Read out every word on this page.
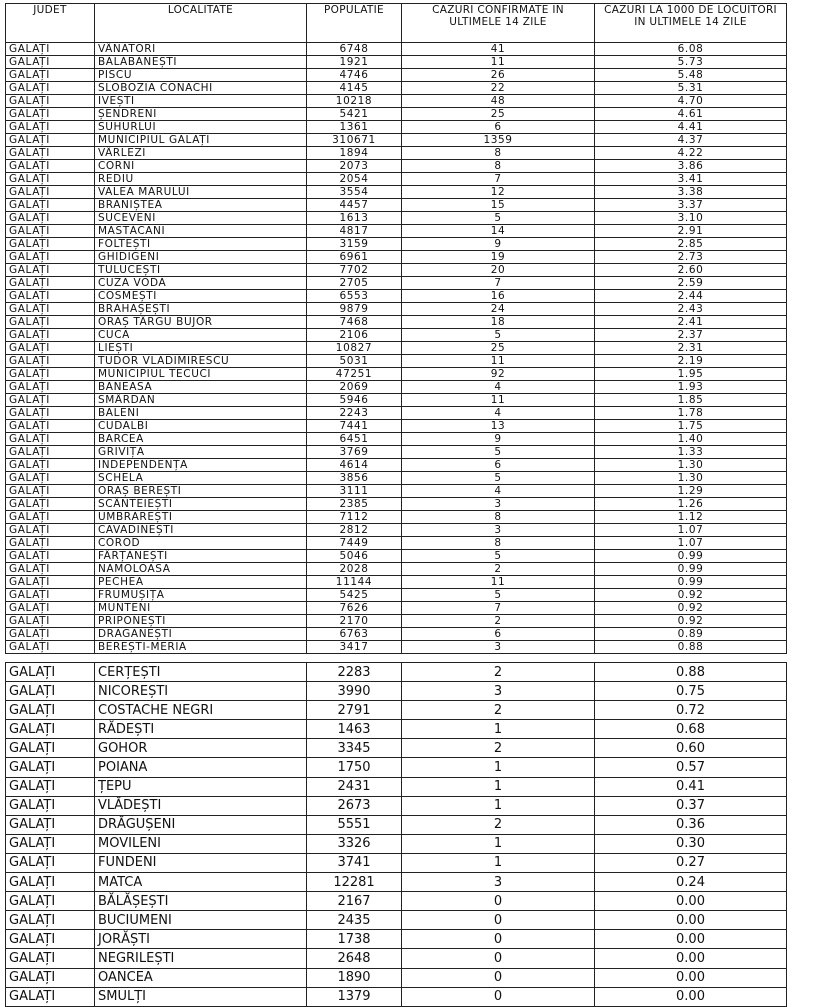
JUDET	LOCALITATE	POPULATIE	CAZURI CONFIRMATE IN ULTIMELE 14 ZILE	CAZURI LA 1000 DE LOCUITORI IN ULTIMELE 14 ZILE
GALAȚI	VÂNĂTORI	6748	41	6.08
GALAȚI	BĂLĂBĂNEȘTI	1921	11	5.73
GALAȚI	PISCU	4746	26	5.48
GALAȚI	SLOBOZIA CONACHI	4145	22	5.31
GALAȚI	IVEȘTI	10218	48	4.70
GALAȚI	ȘENDRENI	5421	25	4.61
GALAȚI	SUHURLUI	1361	6	4.41
GALAȚI	MUNICIPIUL GALAȚI	310671	1359	4.37
GALAȚI	VÂRLEZI	1894	8	4.22
GALAȚI	CORNI	2073	8	3.86
GALAȚI	REDIU	2054	7	3.41
GALAȚI	VALEA MĂRULUI	3554	12	3.38
GALAȚI	BRANIȘTEA	4457	15	3.37
GALAȚI	SUCEVENI	1613	5	3.10
GALAȚI	MĂSTĂCANI	4817	14	2.91
GALAȚI	FOLTEȘTI	3159	9	2.85
GALAȚI	GHIDIGENI	6961	19	2.73
GALAȚI	TULUCEȘTI	7702	20	2.60
GALAȚI	CUZA VODĂ	2705	7	2.59
GALAȚI	COSMEȘTI	6553	16	2.44
GALAȚI	BRĂHĂȘEȘTI	9879	24	2.43
GALAȚI	ORAȘ TÂRGU BUJOR	7468	18	2.41
GALAȚI	CUCA	2106	5	2.37
GALAȚI	LIEȘTI	10827	25	2.31
GALAȚI	TUDOR VLADIMIRESCU	5031	11	2.19
GALAȚI	MUNICIPIUL TECUCI	47251	92	1.95
GALAȚI	BĂNEASA	2069	4	1.93
GALAȚI	SMÂRDAN	5946	11	1.85
GALAȚI	BĂLENI	2243	4	1.78
GALAȚI	CUDALBI	7441	13	1.75
GALAȚI	BARCEA	6451	9	1.40
GALAȚI	GRIVIȚA	3769	5	1.33
GALAȚI	INDEPENDENȚA	4614	6	1.30
GALAȚI	SCHELA	3856	5	1.30
GALAȚI	ORAȘ BEREȘTI	3111	4	1.29
GALAȚI	SCÂNTEIEȘTI	2385	3	1.26
GALAȚI	UMBRĂREȘTI	7112	8	1.12
GALAȚI	CAVADINEȘTI	2812	3	1.07
GALAȚI	COROD	7449	8	1.07
GALAȚI	FÂRȚĂNEȘTI	5046	5	0.99
GALAȚI	NĂMOLOASA	2028	2	0.99
GALAȚI	PECHEA	11144	11	0.99
GALAȚI	FRUMUȘIȚA	5425	5	0.92
GALAȚI	MUNTENI	7626	7	0.92
GALAȚI	PRIPONEȘTI	2170	2	0.92
GALAȚI	DRĂGĂNEȘTI	6763	6	0.89
GALAȚI	BEREȘTI-MERIA	3417	3	0.88
GALAȚI	CERȚEȘTI	2283	2	0.88
GALAȚI	NICOREȘTI	3990	3	0.75
GALAȚI	COSTACHE NEGRI	2791	2	0.72
GALAȚI	RĂDEȘTI	1463	1	0.68
GALAȚI	GOHOR	3345	2	0.60
GALAȚI	POIANA	1750	1	0.57
GALAȚI	ȚEPU	2431	1	0.41
GALAȚI	VLĂDEȘTI	2673	1	0.37
GALAȚI	DRĂGUȘENI	5551	2	0.36
GALAȚI	MOVILENI	3326	1	0.30
GALAȚI	FUNDENI	3741	1	0.27
GALAȚI	MATCA	12281	3	0.24
GALAȚI	BĂLĂȘEȘTI	2167	0	0.00
GALAȚI	BUCIUMENI	2435	0	0.00
GALAȚI	JORĂȘTI	1738	0	0.00
GALAȚI	NEGRILEȘTI	2648	0	0.00
GALAȚI	OANCEA	1890	0	0.00
GALAȚI	SMULȚI	1379	0	0.00
